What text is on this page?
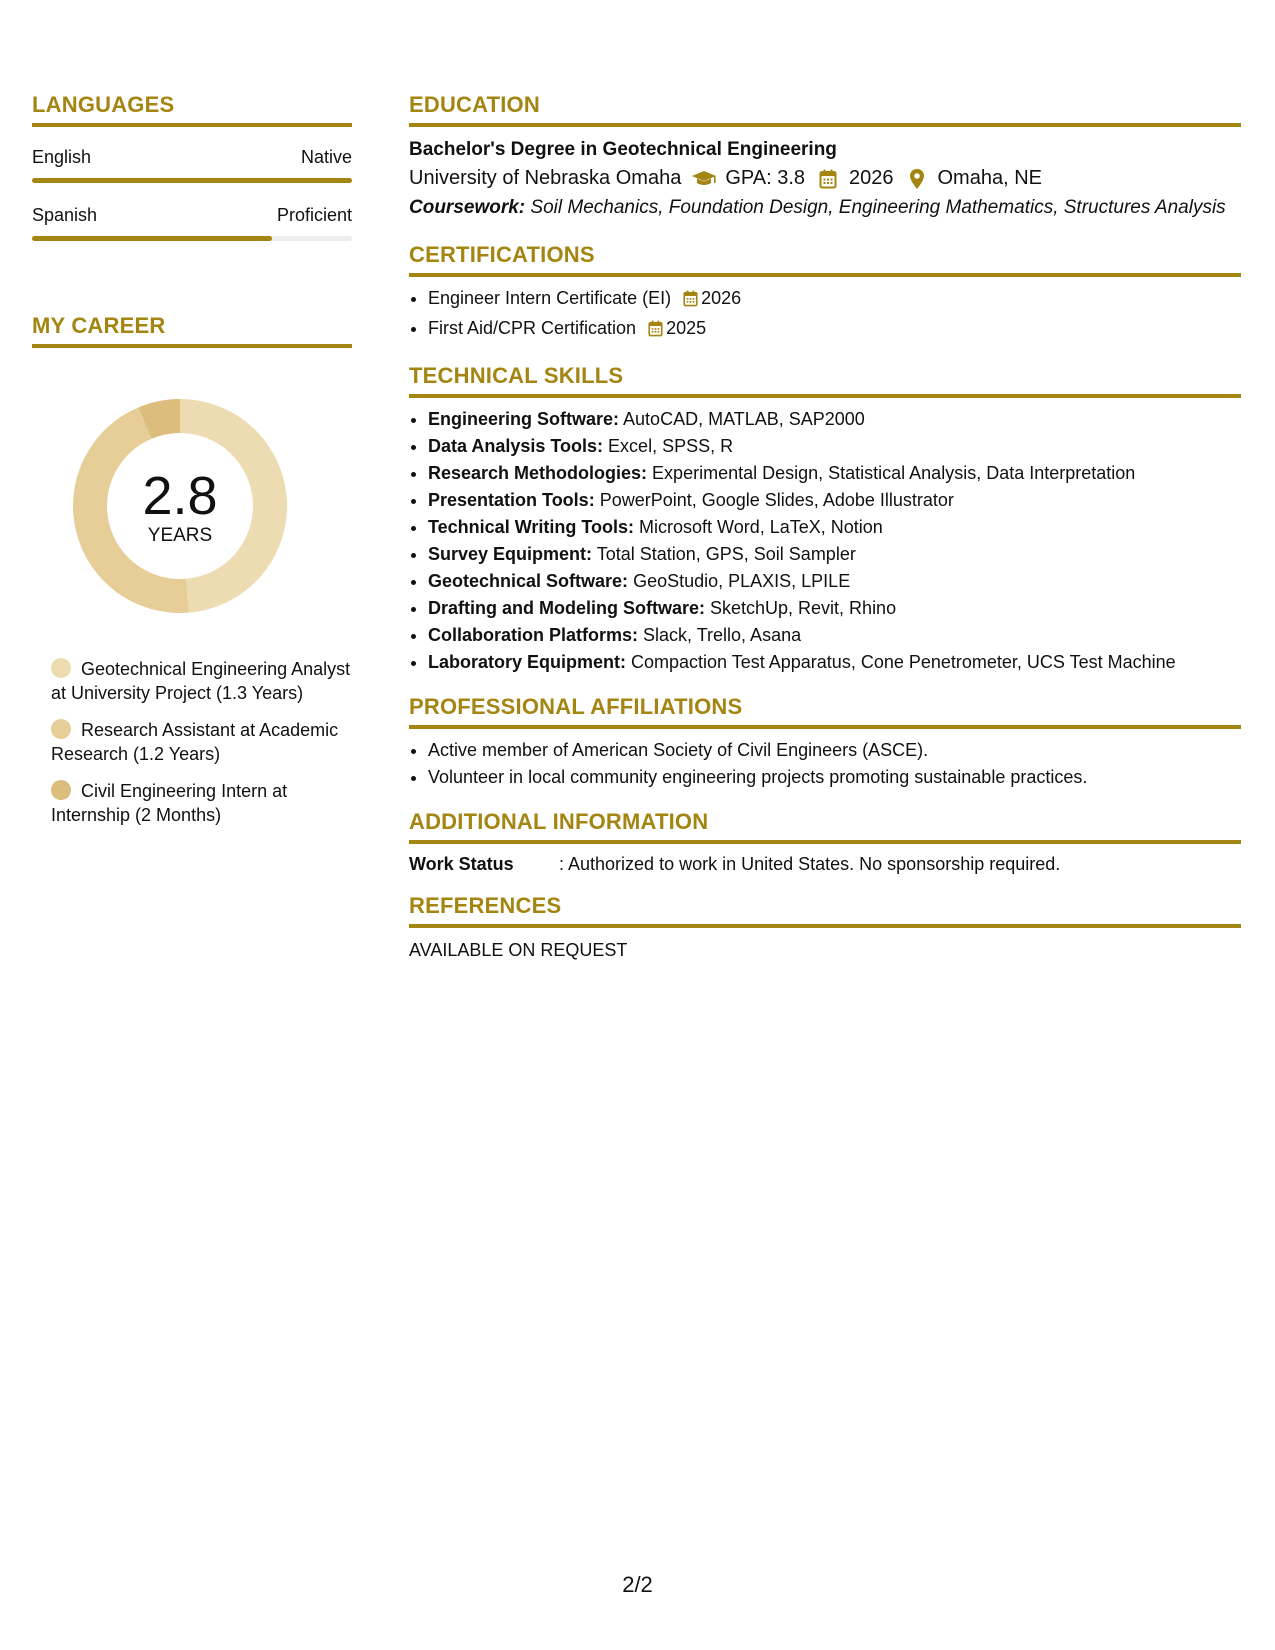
LANGUAGES
English	Native
Spanish	Proficient
MY CAREER
2.8
YEARS
Geotechnical Engineering Analyst at University Project (1.3 Years)
Research Assistant at Academic Research (1.2 Years)
Civil Engineering Intern at Internship (2 Months)
EDUCATION
Bachelor's Degree in Geotechnical Engineering
University of Nebraska Omaha GPA: 3.8 2026 Omaha, NE
Coursework: Soil Mechanics, Foundation Design, Engineering Mathematics, Structures Analysis
CERTIFICATIONS
• Engineer Intern Certificate (EI) 2026
• First Aid/CPR Certification 2025
TECHNICAL SKILLS
• Engineering Software: AutoCAD, MATLAB, SAP2000
• Data Analysis Tools: Excel, SPSS, R
• Research Methodologies: Experimental Design, Statistical Analysis, Data Interpretation
• Presentation Tools: PowerPoint, Google Slides, Adobe Illustrator
• Technical Writing Tools: Microsoft Word, LaTeX, Notion
• Survey Equipment: Total Station, GPS, Soil Sampler
• Geotechnical Software: GeoStudio, PLAXIS, LPILE
• Drafting and Modeling Software: SketchUp, Revit, Rhino
• Collaboration Platforms: Slack, Trello, Asana
• Laboratory Equipment: Compaction Test Apparatus, Cone Penetrometer, UCS Test Machine
PROFESSIONAL AFFILIATIONS
• Active member of American Society of Civil Engineers (ASCE).
• Volunteer in local community engineering projects promoting sustainable practices.
ADDITIONAL INFORMATION
Work Status	: Authorized to work in United States. No sponsorship required.
REFERENCES
AVAILABLE ON REQUEST
2/2
